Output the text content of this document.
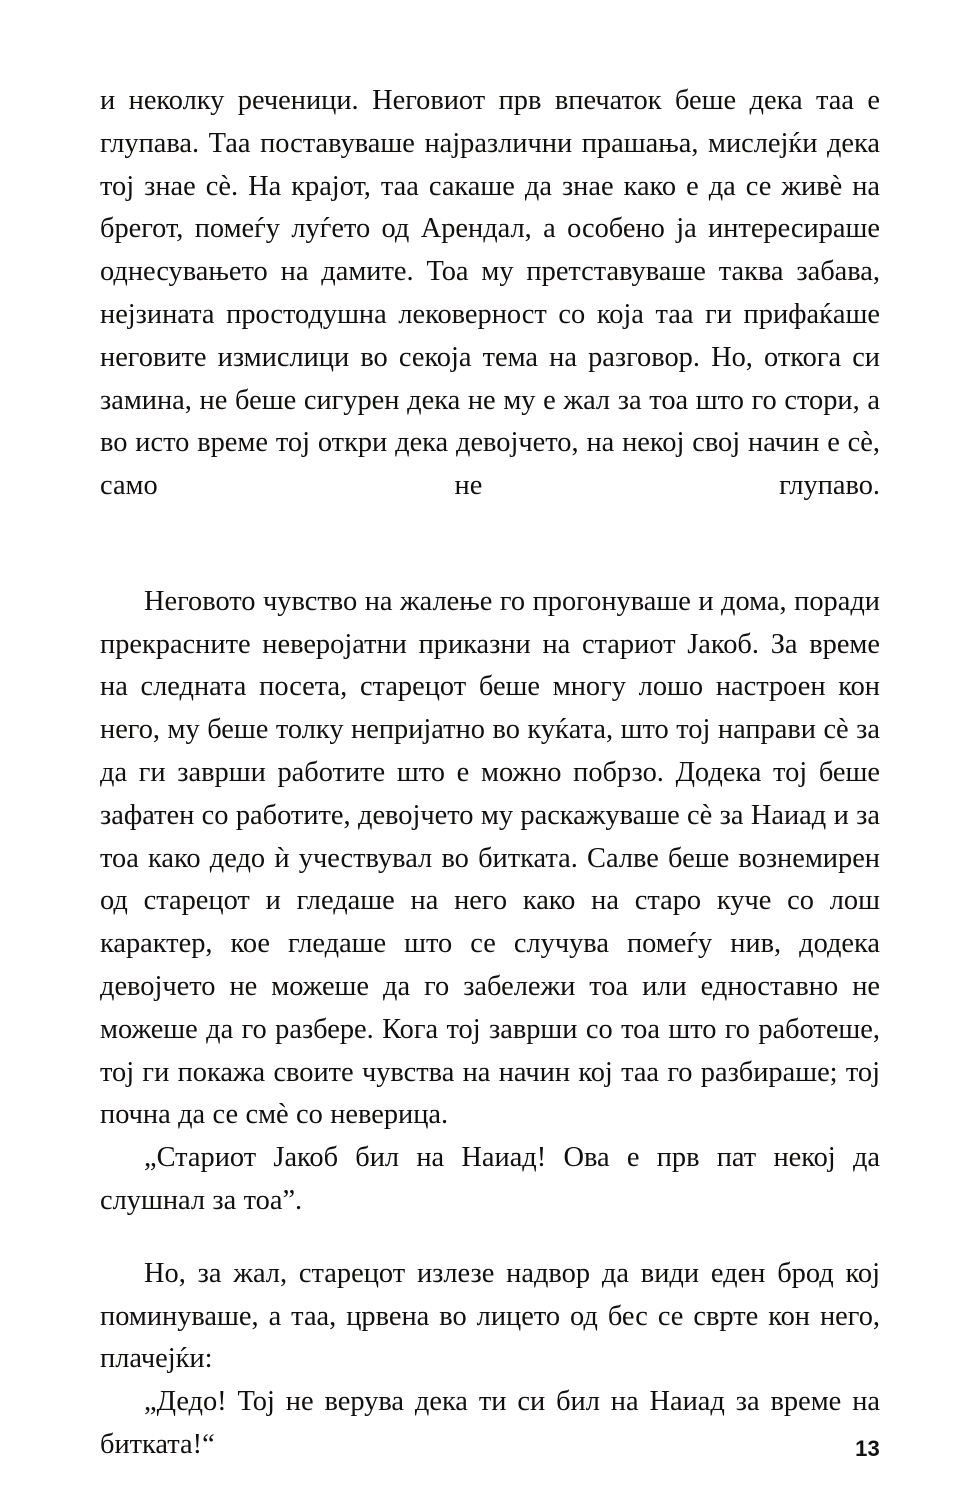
и неколку реченици. Неговиот прв впечаток беше дека таа е глупава. Таа поставуваше најразлични прашања, мислејќи дека тој знае сѐ. На крајот, таа сакаше да знае како е да се живѐ на брегот, помеѓу луѓето од Арендал, а особено ја интересираше однесувањето на дамите. Тоа му претставуваше таква забава, нејзината простодушна лековерност со која таа ги прифаќаше неговите измислици во секоја тема на разговор. Но, откога си замина, не беше сигурен дека не му е жал за тоа што го стори, а во исто време тој откри дека девојчето, на некој свој начин е сѐ, само не глупаво.

Неговото чувство на жалење го прогонуваше и дома, поради прекрасните неверојатни приказни на стариот Јакоб. За време на следната посета, старецот беше многу лошо настроен кон него, му беше толку непријатно во куќата, што тој направи сѐ за да ги заврши работите што е можно побрзо. Додека тој беше зафатен со работите, девојчето му раскажуваше сѐ за Наиад и за тоа како дедо ѝ учествувал во битката. Салве беше вознемирен од старецот и гледаше на него како на старо куче со лош карактер, кое гледаше што се случува помеѓу нив, додека девојчето не можеше да го забележи тоа или едноставно не можеше да го разбере. Кога тој заврши со тоа што го работеше, тој ги покажа своите чувства на начин кој таа го разбираше; тој почна да се смѐ со неверица.

„Стариот Јакоб бил на Наиад! Ова е прв пат некој да слушнал за тоа”.

Но, за жал, старецот излезе надвор да види еден брод кој поминуваше, а таа, црвена во лицето од бес се сврте кон него, плачејќи:

„Дедо! Тој не верува дека ти си бил на Наиад за време на битката!“	13
